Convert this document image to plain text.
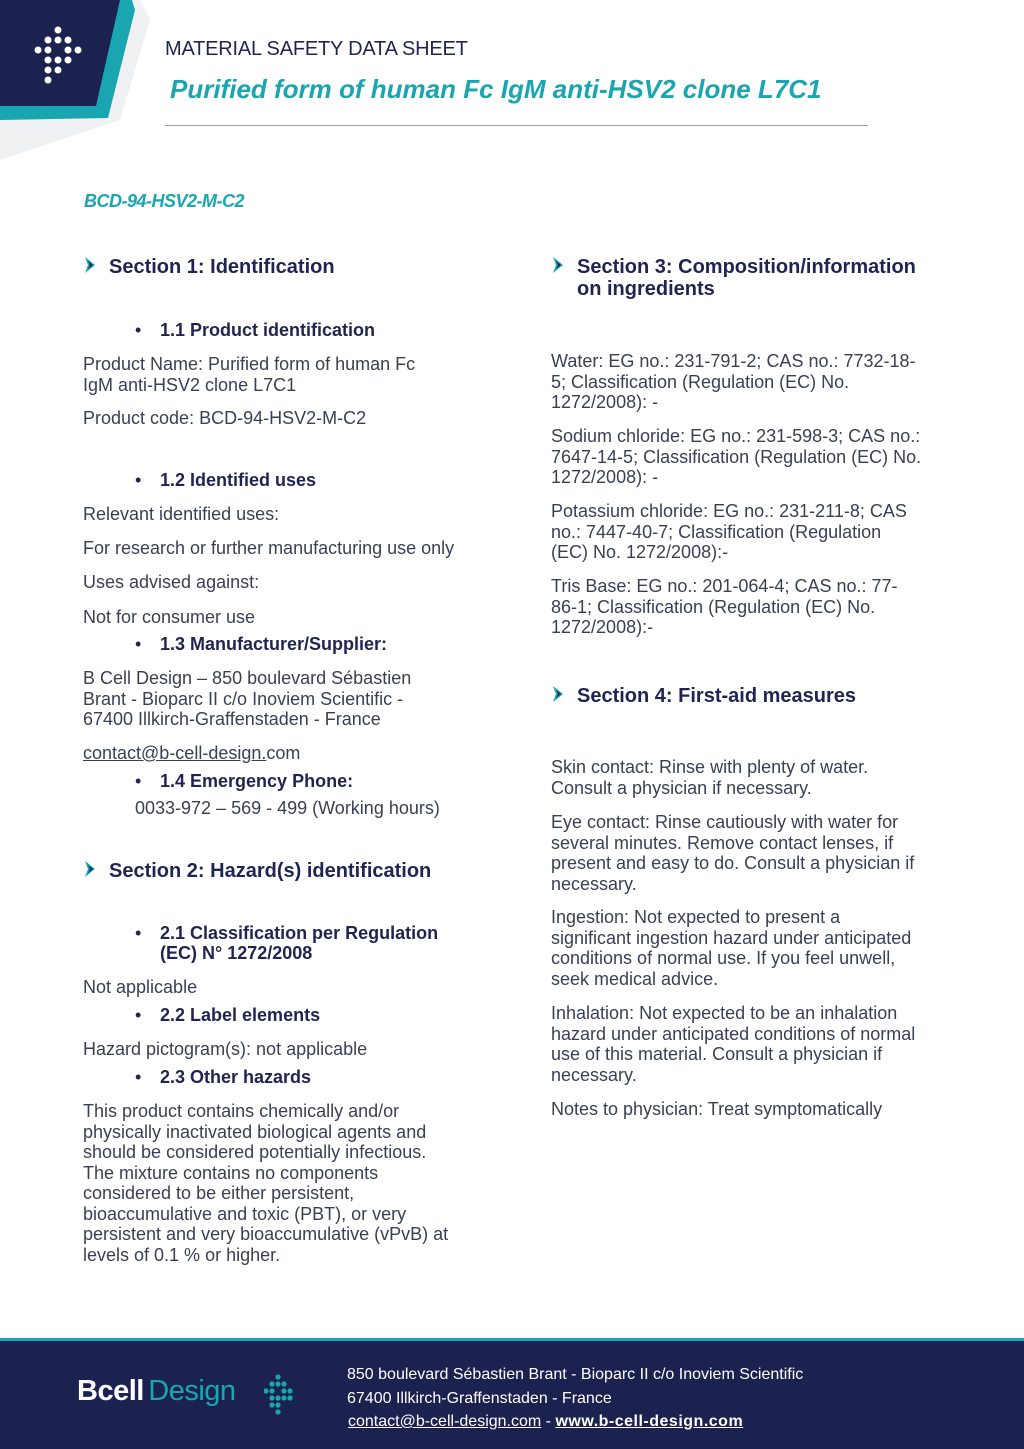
MATERIAL SAFETY DATA SHEET
Purified form of human Fc IgM anti-HSV2 clone L7C1
BCD-94-HSV2-M-C2
Section 1: Identification
• 1.1 Product identification
Product Name: Purified form of human Fc
IgM anti-HSV2 clone L7C1
Product code: BCD-94-HSV2-M-C2
• 1.2 Identified uses
Relevant identified uses:
For research or further manufacturing use only
Uses advised against:
Not for consumer use
• 1.3 Manufacturer/Supplier:
B Cell Design – 850 boulevard Sébastien
Brant - Bioparc II c/o Inoviem Scientific -
67400 Illkirch-Graffenstaden - France
contact@b-cell-design.com
• 1.4 Emergency Phone:
0033-972 – 569 - 499 (Working hours)
Section 2: Hazard(s) identification
• 2.1 Classification per Regulation
(EC) N° 1272/2008
Not applicable
• 2.2 Label elements
Hazard pictogram(s): not applicable
• 2.3 Other hazards
This product contains chemically and/or
physically inactivated biological agents and
should be considered potentially infectious.
The mixture contains no components
considered to be either persistent,
bioaccumulative and toxic (PBT), or very
persistent and very bioaccumulative (vPvB) at
levels of 0.1 % or higher.
Section 3: Composition/information
on ingredients
Water: EG no.: 231-791-2; CAS no.: 7732-18-
5; Classification (Regulation (EC) No.
1272/2008): -
Sodium chloride: EG no.: 231-598-3; CAS no.:
7647-14-5; Classification (Regulation (EC) No.
1272/2008): -
Potassium chloride: EG no.: 231-211-8; CAS
no.: 7447-40-7; Classification (Regulation
(EC) No. 1272/2008):-
Tris Base: EG no.: 201-064-4; CAS no.: 77-
86-1; Classification (Regulation (EC) No.
1272/2008):-
Section 4: First-aid measures
Skin contact: Rinse with plenty of water.
Consult a physician if necessary.
Eye contact: Rinse cautiously with water for
several minutes. Remove contact lenses, if
present and easy to do. Consult a physician if
necessary.
Ingestion: Not expected to present a
significant ingestion hazard under anticipated
conditions of normal use. If you feel unwell,
seek medical advice.
Inhalation: Not expected to be an inhalation
hazard under anticipated conditions of normal
use of this material. Consult a physician if
necessary.
Notes to physician: Treat symptomatically
Bcell Design
850 boulevard Sébastien Brant - Bioparc II c/o Inoviem Scientific
67400 Illkirch-Graffenstaden - France
contact@b-cell-design.com - www.b-cell-design.com
